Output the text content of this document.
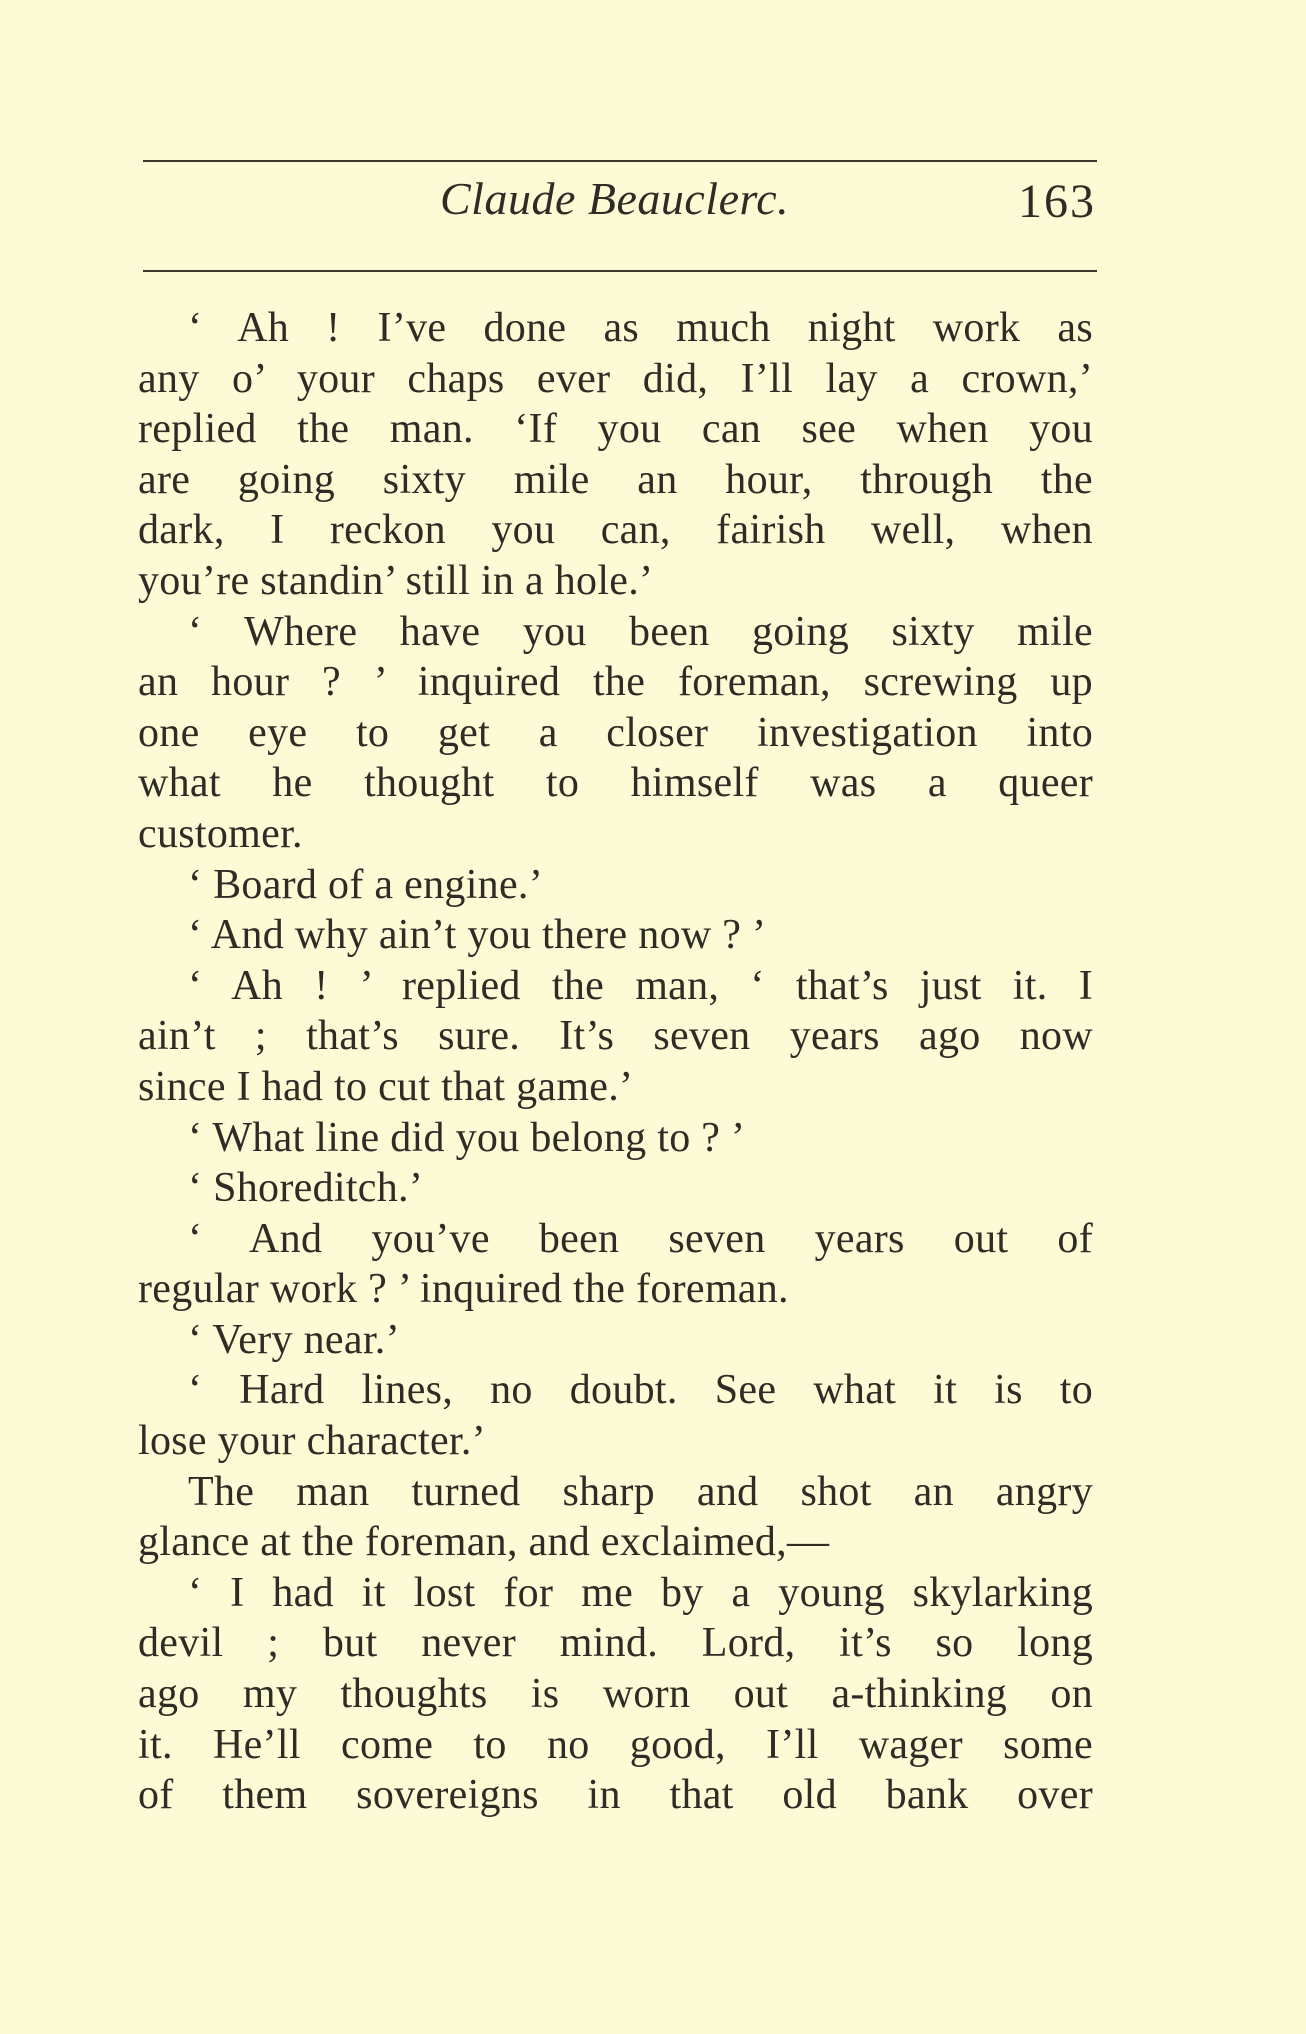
Claude Beauclerc.	163
‘ Ah ! I’ve done as much night work as
any o’ your chaps ever did, I’ll lay a crown,’
replied the man. ‘If you can see when you
are going sixty mile an hour, through the
dark, I reckon you can, fairish well, when
you’re standin’ still in a hole.’
‘ Where have you been going sixty mile
an hour ? ’ inquired the foreman, screwing up
one eye to get a closer investigation into
what he thought to himself was a queer
customer.
‘ Board of a engine.’
‘ And why ain’t you there now ? ’
‘ Ah ! ’ replied the man, ‘ that’s just it. I
ain’t ; that’s sure. It’s seven years ago now
since I had to cut that game.’
‘ What line did you belong to ? ’
‘ Shoreditch.’
‘ And you’ve been seven years out of
regular work ? ’ inquired the foreman.
‘ Very near.’
‘ Hard lines, no doubt. See what it is to
lose your character.’
The man turned sharp and shot an angry
glance at the foreman, and exclaimed,—
‘ I had it lost for me by a young skylarking
devil ; but never mind. Lord, it’s so long
ago my thoughts is worn out a-thinking on
it. He’ll come to no good, I’ll wager some
of them sovereigns in that old bank over
